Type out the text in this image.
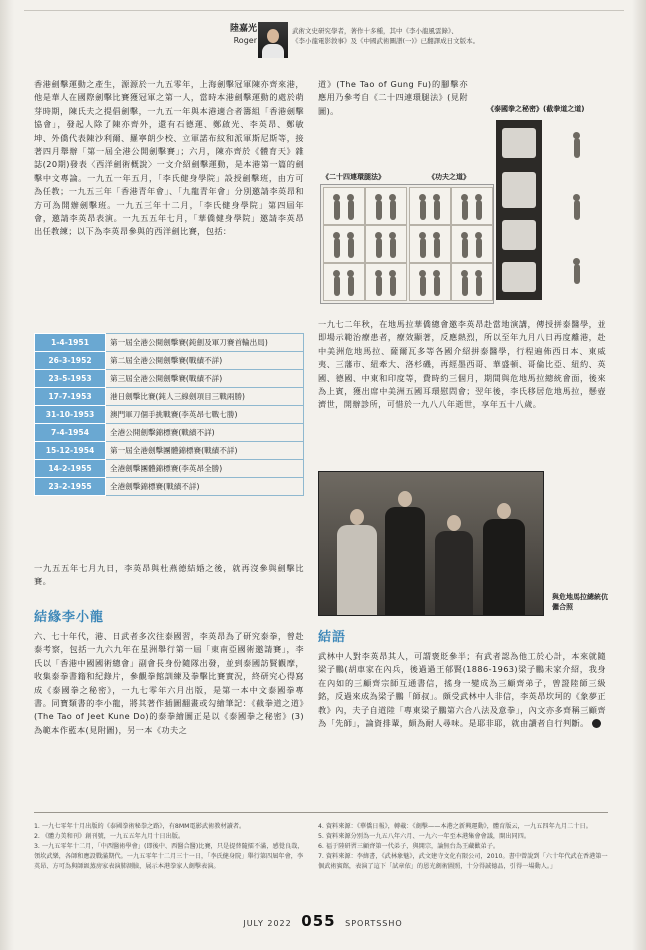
陸嘉光
Roger
武術文史研究學者，著作十多種，其中《李小龍風雲錄》、
《李小龍電影敘事》及《中國武術圖譜(一)》已翻譯成日文版本。
香港劍擊運動之產生，源源於一九五零年，上海劍擊冠軍陳亦齊來港，他是華人在國際劍擊比賽獲冠軍之第一人，當時本港劍擊運動的處於萌芽時期，陳氏夫之提倡劍擊，一九五一年與本港適合者籌組「香港劍擊協會」，發起人除了陳亦齊外，還有石德運、鄭啟光、李英昂、鄭敏坤、外僑代表陳沙利爾、羅寧朗少校、立軍諾布紋和派軍斯尼斯等，接著四月舉辦「第一屆全港公開劍擊賽」；六月，陳亦齊於《體育天》雜誌(20期)發表〈西洋劍術概說〉一文介紹劍擊運動，是本港第一篇的劍擊中文專論。一九五一年五月，「李氏健身學院」設授劍擊班，由方可為任教；一九五三年「香港青年會」、「九龍青年會」分別邀請李英昂和方可為開辦劍擊班。一九五三年十二月，「李氏健身學院」第四屆年會，邀請李英昂表演。一九五五年七月，「華僑健身學院」邀請李英昂出任教練；以下為李英昂參與的西洋劍比賽，包括：
1-4-1951	第一屆全港公開劍擊賽(鈍劍及軍刀賽首輪出局)
26-3-1952	第二屆全港公開劍擊賽(戰績不詳)
23-5-1953	第三屆全港公開劍擊賽(戰績不詳)
17-7-1953	港日劍擊比賽(鈍人三線劍項目三戰兩勝)
31-10-1953	澳門軍刀個手挑戰賽(李英昂七戰七勝)
7-4-1954	全港公開劍擊錦標賽(戰績不詳)
15-12-1954	第一屆全港劍擊團體錦標賽(戰績不詳)
14-2-1955	全港劍擊團體錦標賽(李英昂全勝)
23-2-1955	全港劍擊錦標賽(戰績不詳)
一九五五年七月九日，李英昂與杜燕德結婚之後，就再沒參與劍擊比賽。
結緣李小龍
六、七十年代，港、日武者多次往泰國習，李英昂為了研究泰拳，曾赴泰考察，包括一九六九年在星洲舉行第一屆「東南亞國術邀請賽」，李氏以「香港中國國術總會」副會長身份隨隊出發，並到泰國訪賢觀摩，收集泰拳書籍和紀錄片，參觀拳館訓練及拳擊比賽實況，終研究心得寫成《泰國拳之秘密》，一九七零年六月出版，是第一本中文泰國拳專書。同寶類書的李小龍，將其著作插圖翻畫或勾繪筆記：《截拳道之道》(The Tao of Jeet Kune Do)的泰拳繪圖正是以《泰國拳之秘密》(3)為範本作藍本(見附圖)，另一本《功夫之
道》(The Tao of Gung Fu)的腳擊亦應用乃參考自《二十四連環腿法》(見附圖)。	《泰國拳之秘密》(截拳道之道)
《二十四連環腿法》	《功夫之道》
一九七二年秋，在地馬拉華僑總會邀李英昂赴當地演講，傳授拼泰醫學，並即場示範治療患者，療效顯著，反應熱烈，所以至年九月八日再度離港，赴中美洲危地馬拉、薩爾瓦多等各國介紹拼泰醫學，行程遍佈西日本、東威夷、三藩市、紐牽大、洛杉磯，再經墨西哥、華盛頓、哥倫比亞、紐約、英國、德國、中東和印度等，費時約三個月，期間與危地馬拉總統會面，後來為上賓，獲出席中美洲五國耳環慰問會；翌年後，李氏移居危地馬拉，懸壺濟世，開辦診所，可惜於一九八八年逝世，享年五十八歲。
與危地馬拉總統伉儷合照
結語
武林中人對李英昂其人，可謂褒貶參半；有武者認為他工於心計，本來就隨梁子鵬(胡車家在內兵，後過過王郁賢(1886-1963)梁子鵬未家介紹，我身在內如的三顧齊宗師互通書信，搖身一變成為三顧齊弟子，曾證陸師三級銘，反過來成為梁子鵬「師叔」。頗受武林中人非信，李英昂坎坷的《象夢正教》內，夫子自道陸「專東梁子鵬第六合八法及意拳」，內文亦多齊稱三顧齊為「先師」，論資排輩，頗為耐人尋味。是耶非耶，就由讀者自行判斷。
1. 一九七零年十月出版的《泰國拳術秘拳之路》，有8MM電影武術教材讀者。
2. 《體力美和刊》創刊號，一九五五年九月十日出版。
3. 一九五零年十二月，「中西醫術學會」(即後中、西醫合醫)比賽，只是提替隨擂不滿，感覺良哉，領坎武樂，各師和應設戰滿期代。一九五零年十二月三十一日，「李氏健身院」舉行第四屆年會，李英昂、方可為與師級蒸房家表演肺測臉，展示本港拳家人劍擊表演。
4. 資料來源：《華僑日報》，轉載：《劍擊——本港之新興運動》，體育版云，一九五四年九月二十日。
5. 資料來源分別為一九五八年六月、一九六一年至本港集會會議，開出同四。
6. 福于陸研習三顧齊第一代弟子，與開宗，論無台為王藏歡弟子。
7. 資料來源：李緯書，《武林象魅》，武文建寺文化有限公司，2010。書中曾說到「六十年代武在香港第一個武術賓館，表演了這下「試章依」的恩光劍術圖照，十分得誠德品，引得一場動人。」
JULY 2022 055 SPORTSSHO
